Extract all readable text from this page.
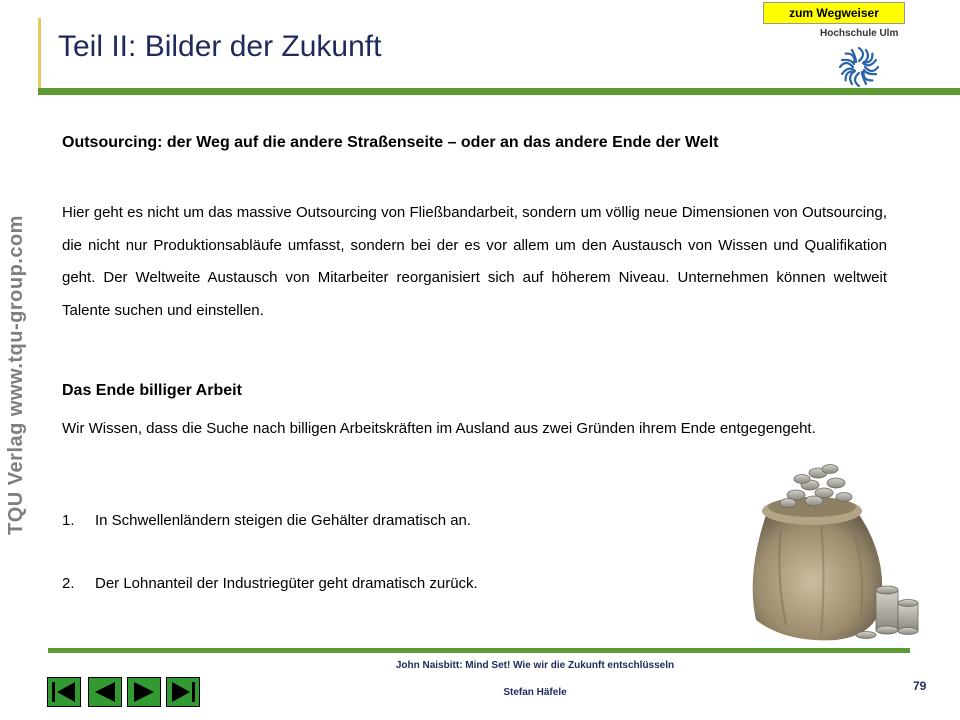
zum Wegweiser
Teil II: Bilder der Zukunft	Hochschule Ulm
TQU Verlag www.tqu-group.com
Outsourcing: der Weg auf die andere Straßenseite – oder an das andere Ende der Welt
Hier geht es nicht um das massive Outsourcing von Fließbandarbeit, sondern um völlig neue Dimensionen von Outsourcing, die nicht nur Produktionsabläufe umfasst, sondern bei der es vor allem um den Austausch von Wissen und Qualifikation geht. Der Weltweite Austausch von Mitarbeiter reorganisiert sich auf höherem Niveau. Unternehmen können weltweit Talente suchen und einstellen.
Das Ende billiger Arbeit
Wir Wissen, dass die Suche nach billigen Arbeitskräften im Ausland aus zwei Gründen ihrem Ende entgegengeht.
1. In Schwellenländern steigen die Gehälter dramatisch an.
2. Der Lohnanteil der Industriegüter geht dramatisch zurück.
John Naisbitt: Mind Set! Wie wir die Zukunft entschlüsseln
Stefan Häfele	79
